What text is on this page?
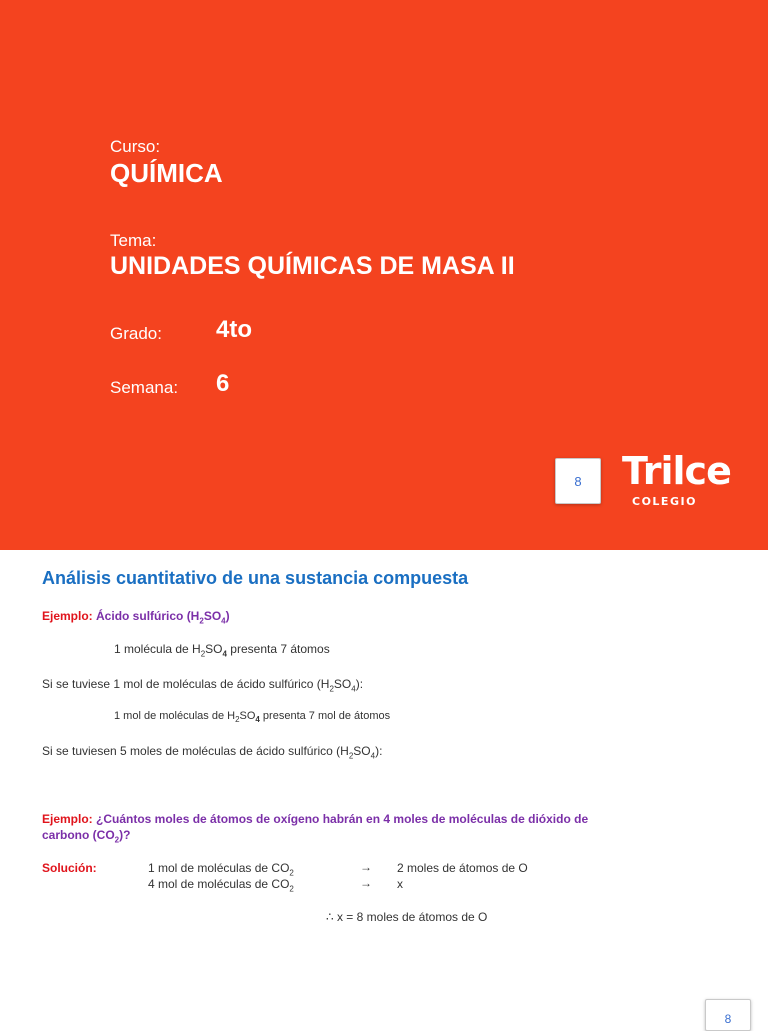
Curso:
QUÍMICA
Tema:
UNIDADES QUÍMICAS DE MASA II
Grado: 4to
Semana: 6
8 Trilce
COLEGIO
Análisis cuantitativo de una sustancia compuesta
Ejemplo: Ácido sulfúrico $(H_2SO_4)$
1 molécula de $H_2SO_4$ presenta 7 átomos
Si se tuviese 1 mol de moléculas de ácido sulfúrico $(H_2SO_4)$:
1 mol de moléculas de $H_2SO_4$ presenta 7 mol de átomos
Si se tuviesen 5 moles de moléculas de ácido sulfúrico $(H_2SO_4)$:
Ejemplo: ¿Cuántos moles de átomos de oxígeno habrán en 4 moles de moléculas de dióxido de
carbono $(CO_2)$?
Solución:	1 mol de moléculas de $CO_2$	→ 2 moles de átomos de O
4 mol de moléculas de $CO_2$	→ x
∴ x = 8 moles de átomos de O
8
